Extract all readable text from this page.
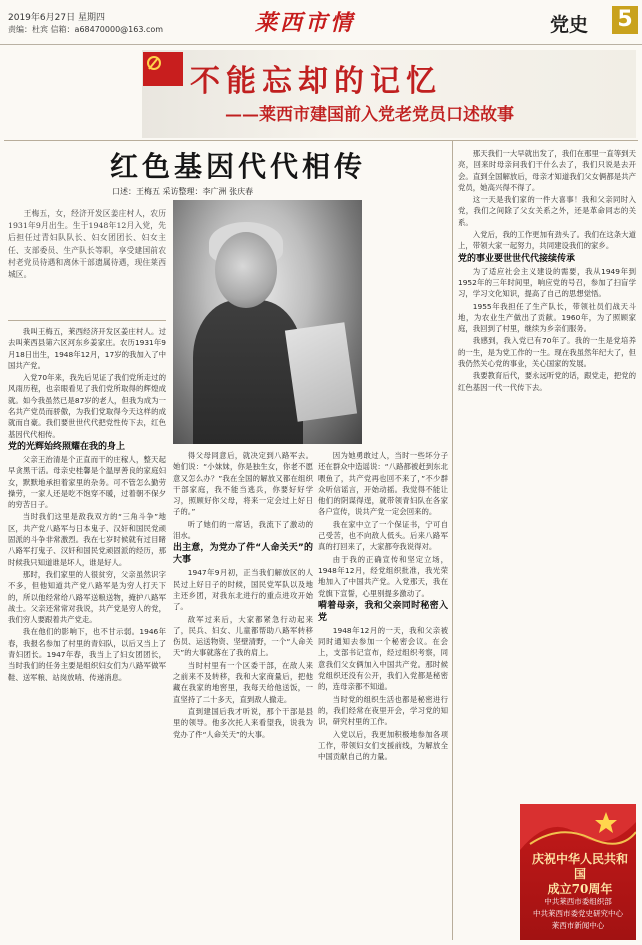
2019年6月27日 星期四
责编：杜宾 信箱：a68470000@163.com	莱西市情	党史 5
不能忘却的记忆
——莱西市建国前入党老党员口述故事
红色基因代代相传
口述：王梅五 采访整理：李广洲 张庆春

王梅五，女，经济开发区姜庄村人，农历1931年9月出生。生于1948年12月入党，先后担任过青妇队队长、妇女团团长、妇女主任、支部委员、生产队长等职，享受建国前农村老党员待遇和离休干部遗属待遇，现住莱西城区。

我叫王梅五，莱西经济开发区姜庄村人。过去叫莱西县第六区河东乡姜家庄。农历1931年9月18日出生，1948年12月，17岁的我加入了中国共产党。

入党70年来，我先后见证了我们党所走过的风雨历程，也亲眼看见了我们党所取得的辉煌成就。如今我虽然已是87岁的老人，但我为成为一名共产党员而骄傲，为我们党取得今天这样的成就而自豪。我们要世世代代把党性传下去，红色基因代代相传。

党的光辉始终照耀在我的身上

父亲王治清是个正直而干的庄稼人，整天起早贪黑干活。母亲史桂馨是个温厚善良的家庭妇女，默默地承担着家里的杂务。可不管怎么勤劳操劳，一家人还是吃不饱穿不暖，过着朝不保夕的穷苦日子。

当时我们这里是敌我双方的“三角斗争”地区，共产党八路军与日本鬼子、汉奸和国民党顽固派的斗争非常激烈。我在七岁时候就有过目睹八路军打鬼子、汉奸和国民党顽固派的经历，那时候我只知道谁是坏人，谁是好人。

那时，我们家里的人很贫穷，父亲虽然识字不多，但他知道共产党八路军是为穷人打天下的，所以他经常给八路军送粮送物，掩护八路军战士。父亲还常常对我说，共产党是穷人的党，我们穷人要跟着共产党走。

我在他们的影响下，也不甘示弱。1946年春，我报名参加了村里的青妇队，以后又当上了青妇团长。1947年春，我当上了妇女团团长，当时我们的任务主要是组织妇女们为八路军做军鞋、送军粮、站岗放哨、传递消息。

得父母同意后，就决定到八路军去。她们说：“小妹妹，你是独生女，你老不愿意又怎么办？”我在全国的解放又都在组织干部家庭，我不能当逃兵，你要好好学习，照顾好你父母，将来一定会过上好日子的。”

听了她们的一席话，我流下了激动的泪水。

出主意，为党办了件“人命关天”的大事

1947年9月初，正当我们解放区的人民过上好日子的时候，国民党军队以及地主还乡团，对我东北进行的重点进攻开始了。

敌军过来后，大家都紧急行动起来了，民兵、妇女、儿童都帮助八路军转移伤员、运送物资、坚壁清野，一个“人命关天”的大事就落在了我的肩上。

当时村里有一个区委干部，在敌人来之前来不及转移，我和大家商量后，把他藏在我家的地窖里，我每天给他送饭，一直坚持了二十多天，直到敌人撤走。

直到建国后我才听说，那个干部是县里的领导。他多次托人来看望我，说我为党办了件“人命关天”的大事。

因为她勇敢过人，当时一些坏分子还在群众中造谣说：“八路都被赶到东北喂鱼了，共产党再也回不来了，”不少群众听信谣言，开始动摇。我觉得不能让他们的阴谋得逞，就带领青妇队在各家各户宣传，说共产党一定会回来的。

我在家中立了一个保证书，宁可自己受苦，也不向敌人低头。后来八路军真的打回来了，大家都夸我说得对。

由于我的正确宣传和坚定立场，1948年12月，经党组织批准，我光荣地加入了中国共产党。入党那天，我在党旗下宣誓，心里别提多激动了。

嗬着母亲，我和父亲同时秘密入党

1948年12月的一天，我和父亲被同时通知去参加一个秘密会议。在会上，支部书记宣布，经过组织考察，同意我们父女俩加入中国共产党。那时候党组织还没有公开，我们入党都是秘密的，连母亲都不知道。

当时党的组织生活也都是秘密进行的，我们经常在夜里开会，学习党的知识，研究村里的工作。

入党以后，我更加积极地参加各项工作，带领妇女们支援前线，为解放全中国贡献自己的力量。

那天我们一大早就出发了，我们在那里一直等到天亮，回来时母亲问我们干什么去了，我们只说是去开会。直到全国解放后，母亲才知道我们父女俩都是共产党员，她高兴得不得了。

这一天是我们家的一件大喜事！我和父亲同时入党，我们之间除了父女关系之外，还是革命同志的关系。

入党后，我的工作更加有劲头了。我们在这条大道上，带领大家一起努力，共同建设我们的家乡。

党的事业要世世代代接续传承

为了适应社会主义建设的需要，我从1949年到1952年的三年时间里，响应党的号召，参加了扫盲学习，学习文化知识，提高了自己的思想觉悟。

1955年我担任了生产队长，带领社员们战天斗地，为农业生产做出了贡献。1960年，为了照顾家庭，我回到了村里，继续为乡亲们服务。

我感到，我入党已有70年了。我的一生是党培养的一生，是为党工作的一生。现在我虽然年纪大了，但我仍然关心党的事业，关心国家的发展。

我要教育后代，要永远听党的话，跟党走，把党的红色基因一代一代传下去。

庆祝中华人民共和国
成立70周年
中共莱西市委组织部
中共莱西市委党史研究中心
莱西市新闻中心
